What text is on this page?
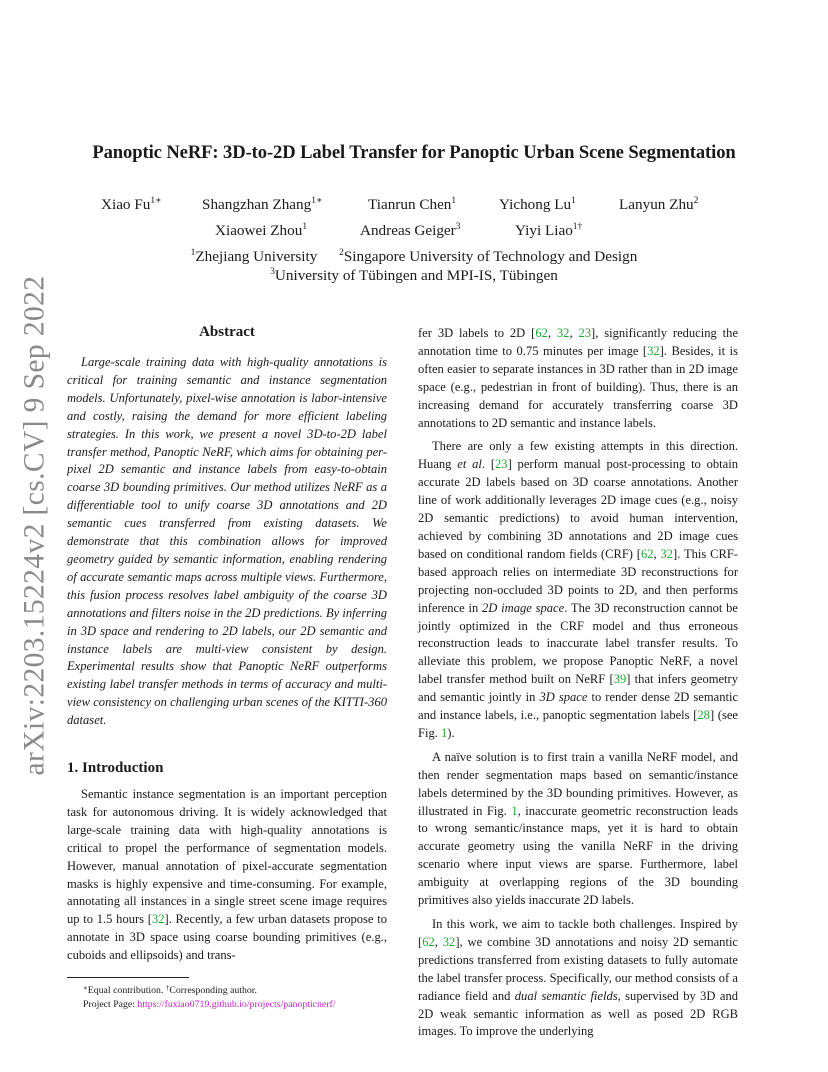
arXiv:2203.15224v2 [cs.CV] 9 Sep 2022
Panoptic NeRF: 3D-to-2D Label Transfer for Panoptic Urban Scene Segmentation
Xiao $Fu^{1∗}$	Shangzhan Zhang$^{1∗}$	Tianrun Chen$^1$	Yichong Lu$^1$	Lanyun Zhu$^2$
Xiaowei Zhou$^1$	Andreas Geiger$^3$	Yiyi Liao$^{1\dagger}$
$^1$Zhejiang University $^2$Singapore University of Technology and Design
$^3$University of Tübingen and MPI-IS, Tübingen
Abstract

Large-scale training data with high-quality annotations is critical for training semantic and instance segmentation models. Unfortunately, pixel-wise annotation is labor-intensive and costly, raising the demand for more efficient labeling strategies. In this work, we present a novel 3D-to-2D label transfer method, Panoptic NeRF, which aims for obtaining per-pixel 2D semantic and instance labels from easy-to-obtain coarse 3D bounding primitives. Our method utilizes NeRF as a differentiable tool to unify coarse 3D annotations and 2D semantic cues transferred from existing datasets. We demonstrate that this combination allows for improved geometry guided by semantic information, enabling rendering of accurate semantic maps across multiple views. Furthermore, this fusion process resolves label ambiguity of the coarse 3D annotations and filters noise in the 2D predictions. By inferring in 3D space and rendering to 2D labels, our 2D semantic and instance labels are multi-view consistent by design. Experimental results show that Panoptic NeRF outperforms existing label transfer methods in terms of accuracy and multi-view consistency on challenging urban scenes of the KITTI-360 dataset.

1. Introduction

Semantic instance segmentation is an important perception task for autonomous driving. It is widely acknowledged that large-scale training data with high-quality annotations is critical to propel the performance of segmentation models. However, manual annotation of pixel-accurate segmentation masks is highly expensive and time-consuming. For example, annotating all instances in a single street scene image requires up to 1.5 hours [32]. Recently, a few urban datasets propose to annotate in 3D space using coarse bounding primitives (e.g., cuboids and ellipsoids) and trans-

∗Equal contribution. †Corresponding author.
Project Page: https://fuxiao0719.github.io/projects/panopticnerf/

fer 3D labels to 2D [62, 32, 23], significantly reducing the annotation time to 0.75 minutes per image [32]. Besides, it is often easier to separate instances in 3D rather than in 2D image space (e.g., pedestrian in front of building). Thus, there is an increasing demand for accurately transferring coarse 3D annotations to 2D semantic and instance labels.

There are only a few existing attempts in this direction. Huang et al. [23] perform manual post-processing to obtain accurate 2D labels based on 3D coarse annotations. Another line of work additionally leverages 2D image cues (e.g., noisy 2D semantic predictions) to avoid human intervention, achieved by combining 3D annotations and 2D image cues based on conditional random fields (CRF) [62, 32]. This CRF-based approach relies on intermediate 3D reconstructions for projecting non-occluded 3D points to 2D, and then performs inference in 2D image space. The 3D reconstruction cannot be jointly optimized in the CRF model and thus erroneous reconstruction leads to inaccurate label transfer results. To alleviate this problem, we propose Panoptic NeRF, a novel label transfer method built on NeRF [39] that infers geometry and semantic jointly in 3D space to render dense 2D semantic and instance labels, i.e., panoptic segmentation labels [28] (see Fig. 1).

A naïve solution is to first train a vanilla NeRF model, and then render segmentation maps based on semantic/instance labels determined by the 3D bounding primitives. However, as illustrated in Fig. 1, inaccurate geometric reconstruction leads to wrong semantic/instance maps, yet it is hard to obtain accurate geometry using the vanilla NeRF in the driving scenario where input views are sparse. Furthermore, label ambiguity at overlapping regions of the 3D bounding primitives also yields inaccurate 2D labels.

In this work, we aim to tackle both challenges. Inspired by [62, 32], we combine 3D annotations and noisy 2D semantic predictions transferred from existing datasets to fully automate the label transfer process. Specifically, our method consists of a radiance field and dual semantic fields, supervised by 3D and 2D weak semantic information as well as posed 2D RGB images. To improve the underlying
